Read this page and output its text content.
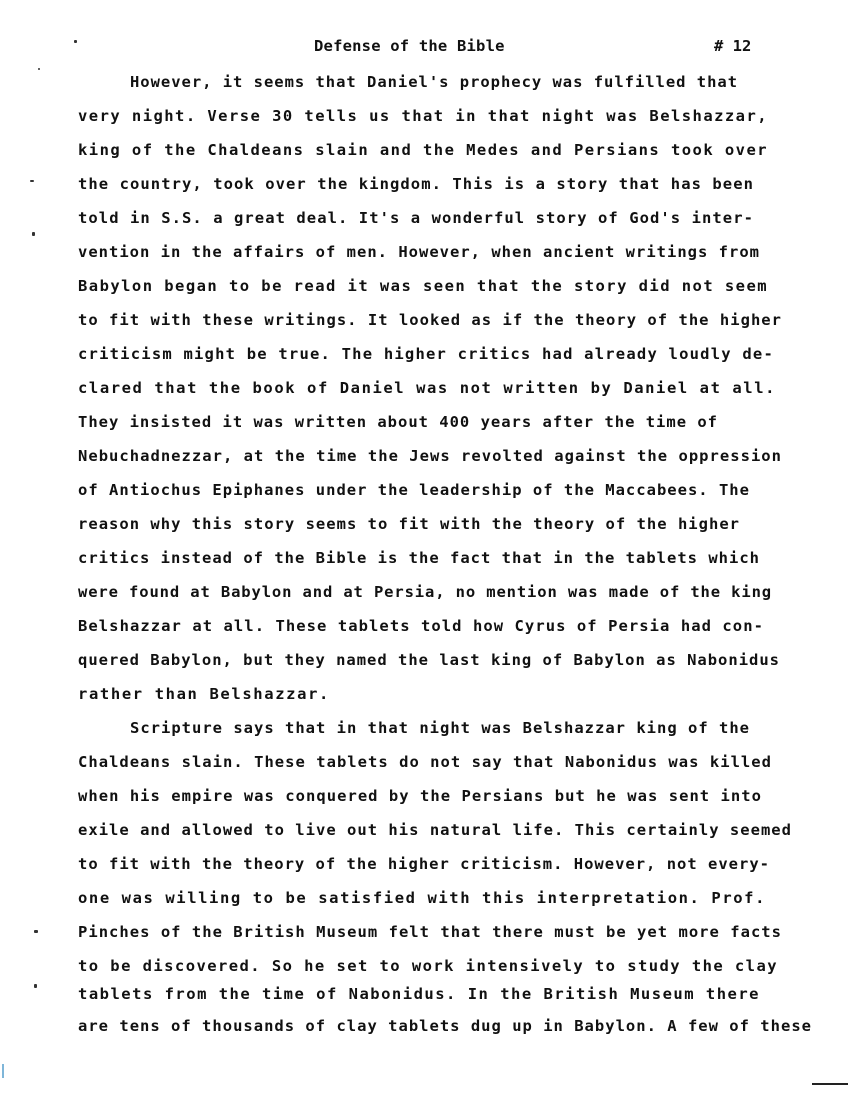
Defense of the Bible	# 12
However, it seems that Daniel's prophecy was fulfilled that
very night. Verse 30 tells us that in that night was Belshazzar,
king of the Chaldeans slain and the Medes and Persians took over
the country, took over the kingdom. This is a story that has been
told in S.S. a great deal. It's a wonderful story of God's inter-
vention in the affairs of men. However, when ancient writings from
Babylon began to be read it was seen that the story did not seem
to fit with these writings. It looked as if the theory of the higher
criticism might be true. The higher critics had already loudly de-
clared that the book of Daniel was not written by Daniel at all.
They insisted it was written about 400 years after the time of
Nebuchadnezzar, at the time the Jews revolted against the oppression
of Antiochus Epiphanes under the leadership of the Maccabees. The
reason why this story seems to fit with the theory of the higher
critics instead of the Bible is the fact that in the tablets which
were found at Babylon and at Persia, no mention was made of the king
Belshazzar at all. These tablets told how Cyrus of Persia had con-
quered Babylon, but they named the last king of Babylon as Nabonidus
rather than Belshazzar.
Scripture says that in that night was Belshazzar king of the
Chaldeans slain. These tablets do not say that Nabonidus was killed
when his empire was conquered by the Persians but he was sent into
exile and allowed to live out his natural life. This certainly seemed
to fit with the theory of the higher criticism. However, not every-
one was willing to be satisfied with this interpretation. Prof.
Pinches of the British Museum felt that there must be yet more facts
to be discovered. So he set to work intensively to study the clay
tablets from the time of Nabonidus. In the British Museum there
are tens of thousands of clay tablets dug up in Babylon. A few of these
